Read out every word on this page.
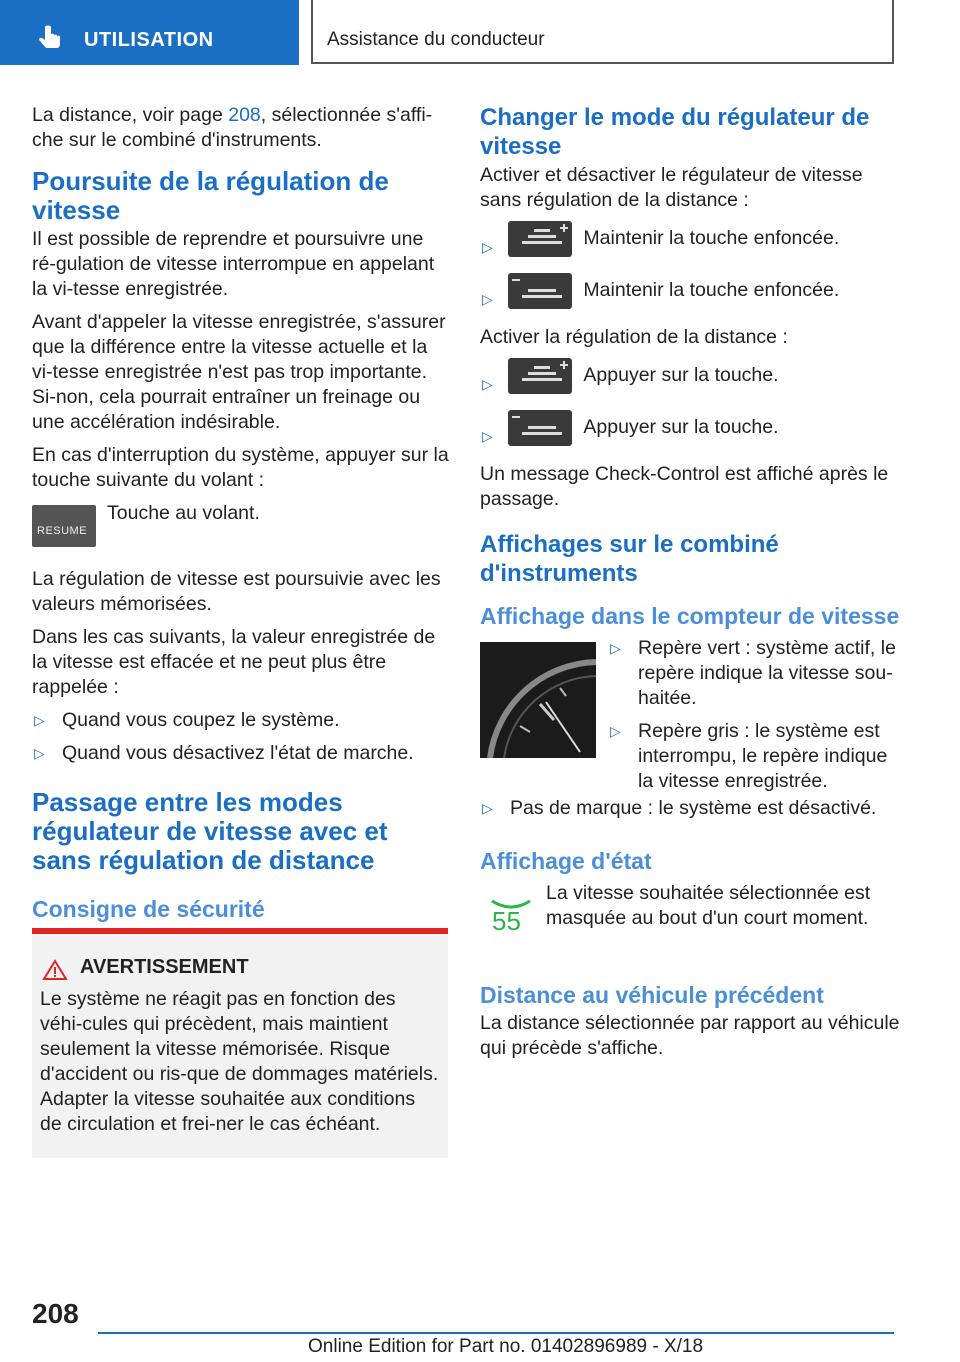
UTILISATION	Assistance du conducteur

La distance, voir page 208, sélectionnée s'affi-che sur le combiné d'instruments.

Poursuite de la régulation de vitesse

Il est possible de reprendre et poursuivre une ré-gulation de vitesse interrompue en appelant la vi-tesse enregistrée.

Avant d'appeler la vitesse enregistrée, s'assurer que la différence entre la vitesse actuelle et la vi-tesse enregistrée n'est pas trop importante. Si-non, cela pourrait entraîner un freinage ou une accélération indésirable.

En cas d'interruption du système, appuyer sur la touche suivante du volant :

RESUME
Touche au volant.

La régulation de vitesse est poursuivie avec les valeurs mémorisées.

Dans les cas suivants, la valeur enregistrée de la vitesse est effacée et ne peut plus être rappelée :

▷ Quand vous coupez le système.
▷ Quand vous désactivez l'état de marche.
Passage entre les modes régulateur de vitesse avec et sans régulation de distance
Consigne de sécurité
AVERTISSEMENT
Le système ne réagit pas en fonction des véhi-cules qui précèdent, mais maintient seulement la vitesse mémorisée. Risque d'accident ou ris-que de dommages matériels. Adapter la vitesse souhaitée aux conditions de circulation et frei-ner le cas échéant.
Changer le mode du régulateur de vitesse

Activer et désactiver le régulateur de vitesse sans régulation de la distance :

▷	Maintenir la touche enfoncée.
▷	Maintenir la touche enfoncée.

Activer la régulation de la distance :

▷	Appuyer sur la touche.
▷	Appuyer sur la touche.

Un message Check-Control est affiché après le passage.

Affichages sur le combiné d'instruments
Affichage dans le compteur de vitesse
▷ Repère vert : système actif, le repère indique la vitesse sou-haitée.
▷ Repère gris : le système est interrompu, le repère indique la vitesse enregistrée.
▷ Pas de marque : le système est désactivé.
Affichage d'état
55
La vitesse souhaitée sélectionnée est masquée au bout d'un court moment.
Distance au véhicule précédent

La distance sélectionnée par rapport au véhicule qui précède s'affiche.

208
Online Edition for Part no. 01402896989 - X/18
